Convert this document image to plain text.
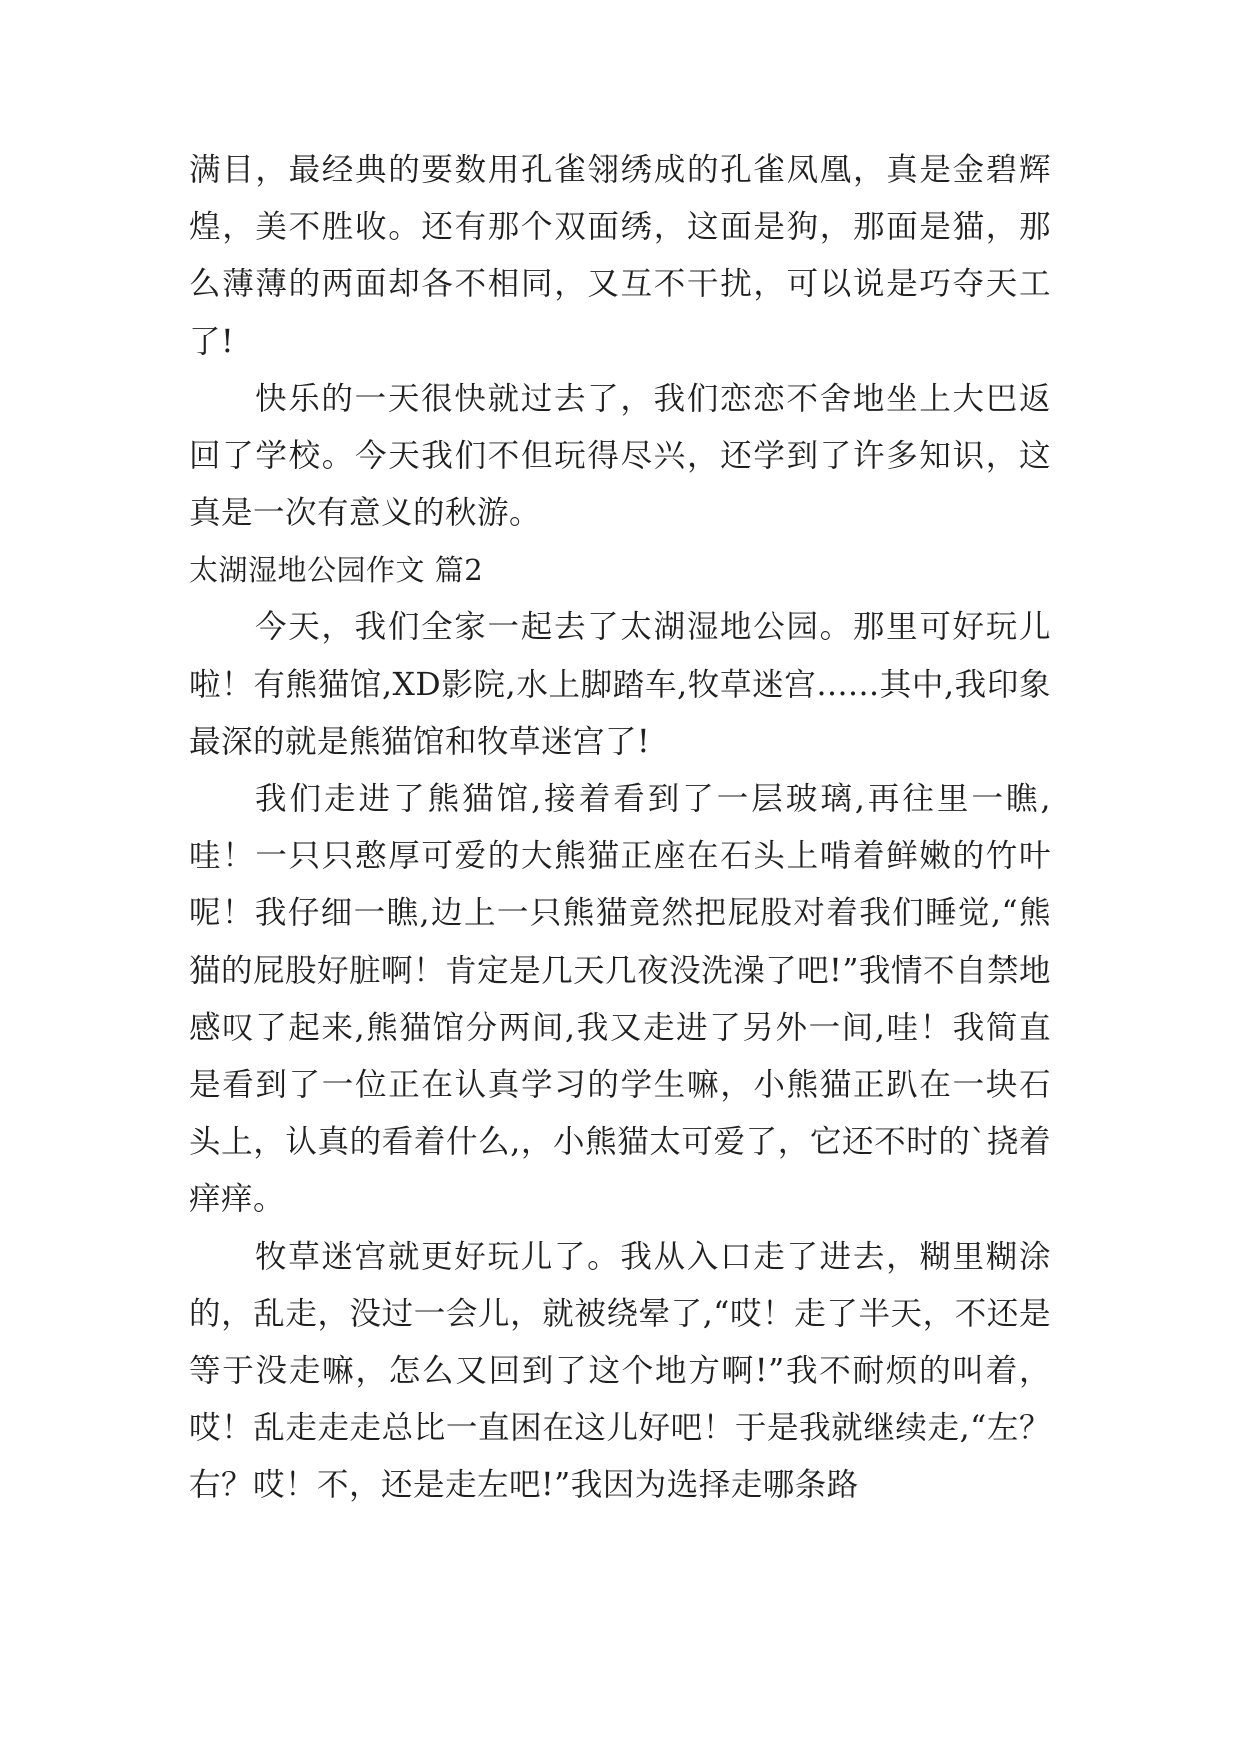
满目，最经典的要数用孔雀翎绣成的孔雀凤凰，真是金碧辉煌，美不胜收。还有那个双面绣，这面是狗，那面是猫，那么薄薄的两面却各不相同，又互不干扰，可以说是巧夺天工了!

快乐的一天很快就过去了，我们恋恋不舍地坐上大巴返回了学校。今天我们不但玩得尽兴，还学到了许多知识，这真是一次有意义的秋游。

太湖湿地公园作文 篇2

今天，我们全家一起去了太湖湿地公园。那里可好玩儿啦！有熊猫馆,XD影院,水上脚踏车,牧草迷宫......其中,我印象最深的就是熊猫馆和牧草迷宫了!

我们走进了熊猫馆,接着看到了一层玻璃,再往里一瞧,哇！一只只憨厚可爱的大熊猫正座在石头上啃着鲜嫩的竹叶呢！我仔细一瞧,边上一只熊猫竟然把屁股对着我们睡觉,“熊猫的屁股好脏啊！肯定是几天几夜没洗澡了吧!”我情不自禁地感叹了起来,熊猫馆分两间,我又走进了另外一间,哇！我简直是看到了一位正在认真学习的学生嘛，小熊猫正趴在一块石头上，认真的看着什么,，小熊猫太可爱了，它还不时的`挠着痒痒。

牧草迷宫就更好玩儿了。我从入口走了进去，糊里糊涂的，乱走，没过一会儿，就被绕晕了,“哎！走了半天，不还是等于没走嘛，怎么又回到了这个地方啊!”我不耐烦的叫着，哎！乱走走走总比一直困在这儿好吧！于是我就继续走,“左？右？哎！不，还是走左吧!”我因为选择走哪条路
